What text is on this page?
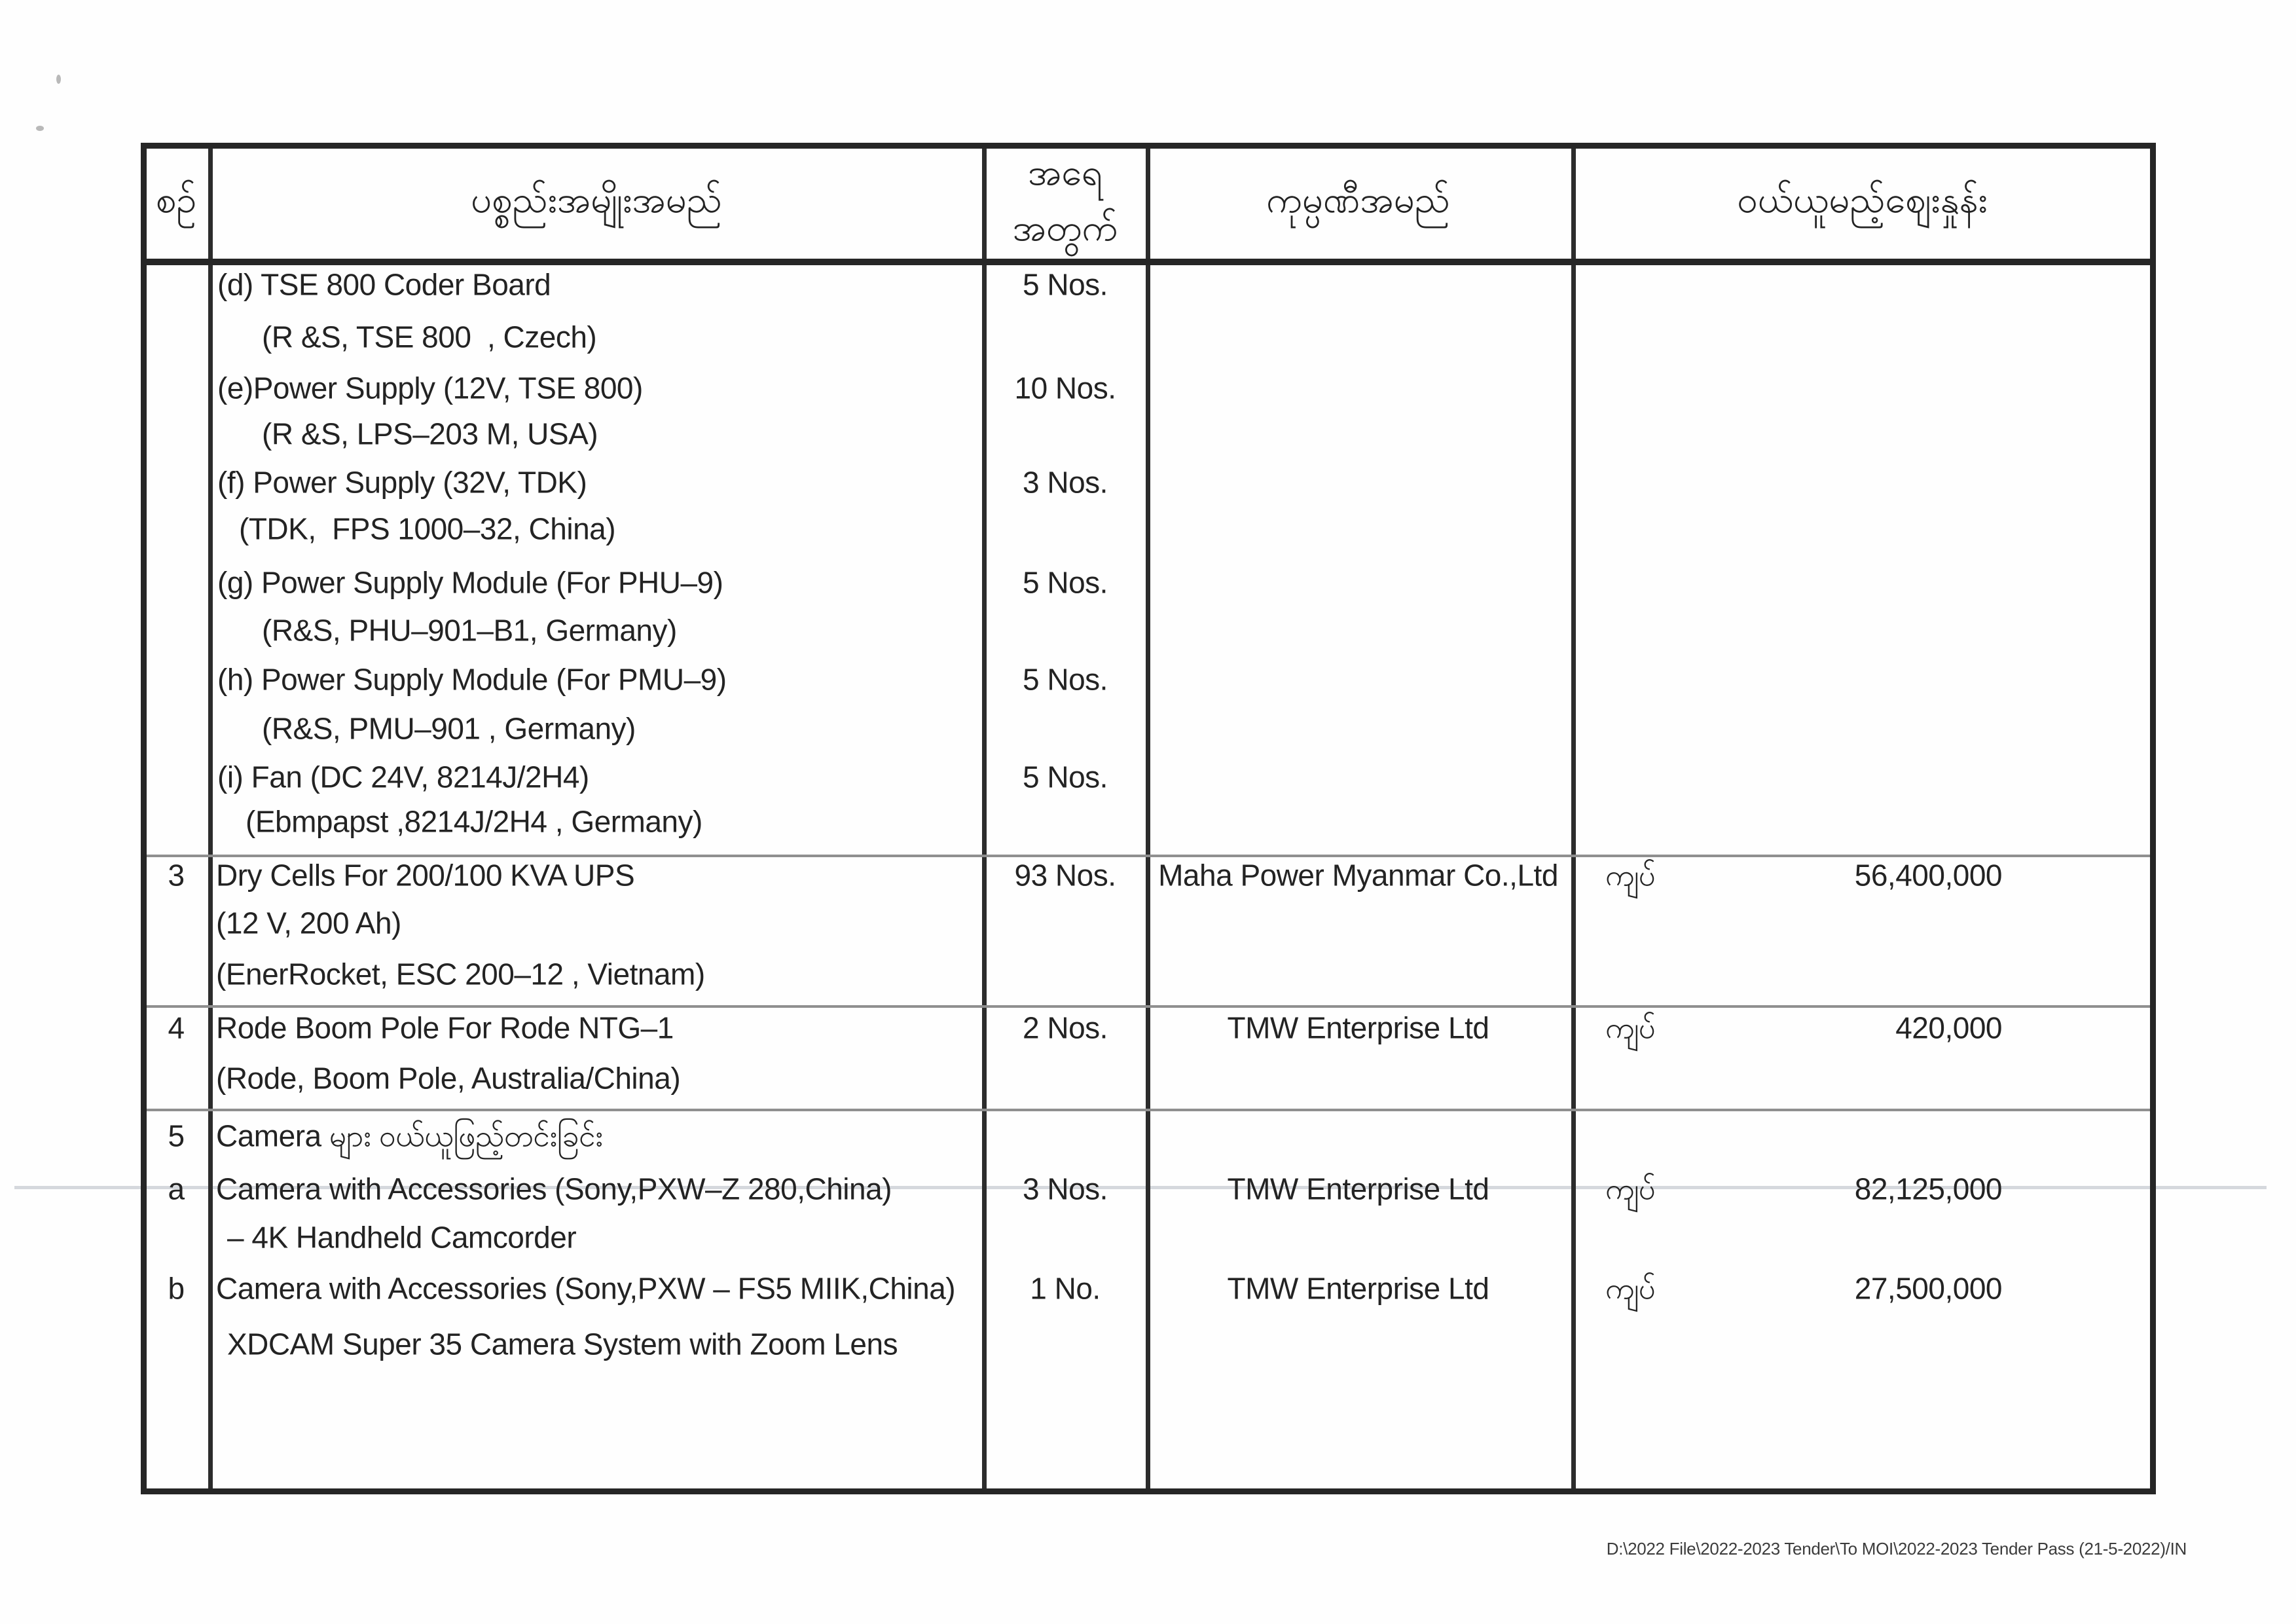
စဉ်	ပစ္စည်းအမျိုးအမည်
အရေ
အတွက်
ကုမ္ပဏီအမည်	ဝယ်ယူမည့်ဈေးနှုန်း
3
4
5
a
b
(d) TSE 800 Coder Board
(R &S, TSE 800  , Czech)
(e)Power Supply (12V, TSE 800)
(R &S, LPS–203 M, USA)
(f) Power Supply (32V, TDK)
(TDK,  FPS 1000–32, China)
(g) Power Supply Module (For PHU–9)
(R&S, PHU–901–B1, Germany)
(h) Power Supply Module (For PMU–9)
(R&S, PMU–901 , Germany)
(i) Fan (DC 24V, 8214J/2H4)
(Ebmpapst ,8214J/2H4 , Germany)
Dry Cells For 200/100 KVA UPS
(12 V, 200 Ah)
(EnerRocket, ESC 200–12 , Vietnam)
Rode Boom Pole For Rode NTG–1
(Rode, Boom Pole, Australia/China)
Camera များ ဝယ်ယူဖြည့်တင်းခြင်း
Camera with Accessories (Sony,PXW–Z 280,China)
– 4K Handheld Camcorder
Camera with Accessories (Sony,PXW – FS5 MIIK,China)
XDCAM Super 35 Camera System with Zoom Lens
5 Nos.
10 Nos.
3 Nos.
5 Nos.
5 Nos.
5 Nos.
93 Nos.
2 Nos.
3 Nos.
1 No.
Maha Power Myanmar Co.,Ltd
TMW Enterprise Ltd
TMW Enterprise Ltd
TMW Enterprise Ltd
ကျပ်
ကျပ်
ကျပ်
ကျပ်
56,400,000
420,000
82,125,000
27,500,000
D:\2022 File\2022-2023 Tender\To MOI\2022-2023 Tender Pass (21-5-2022)/IN
